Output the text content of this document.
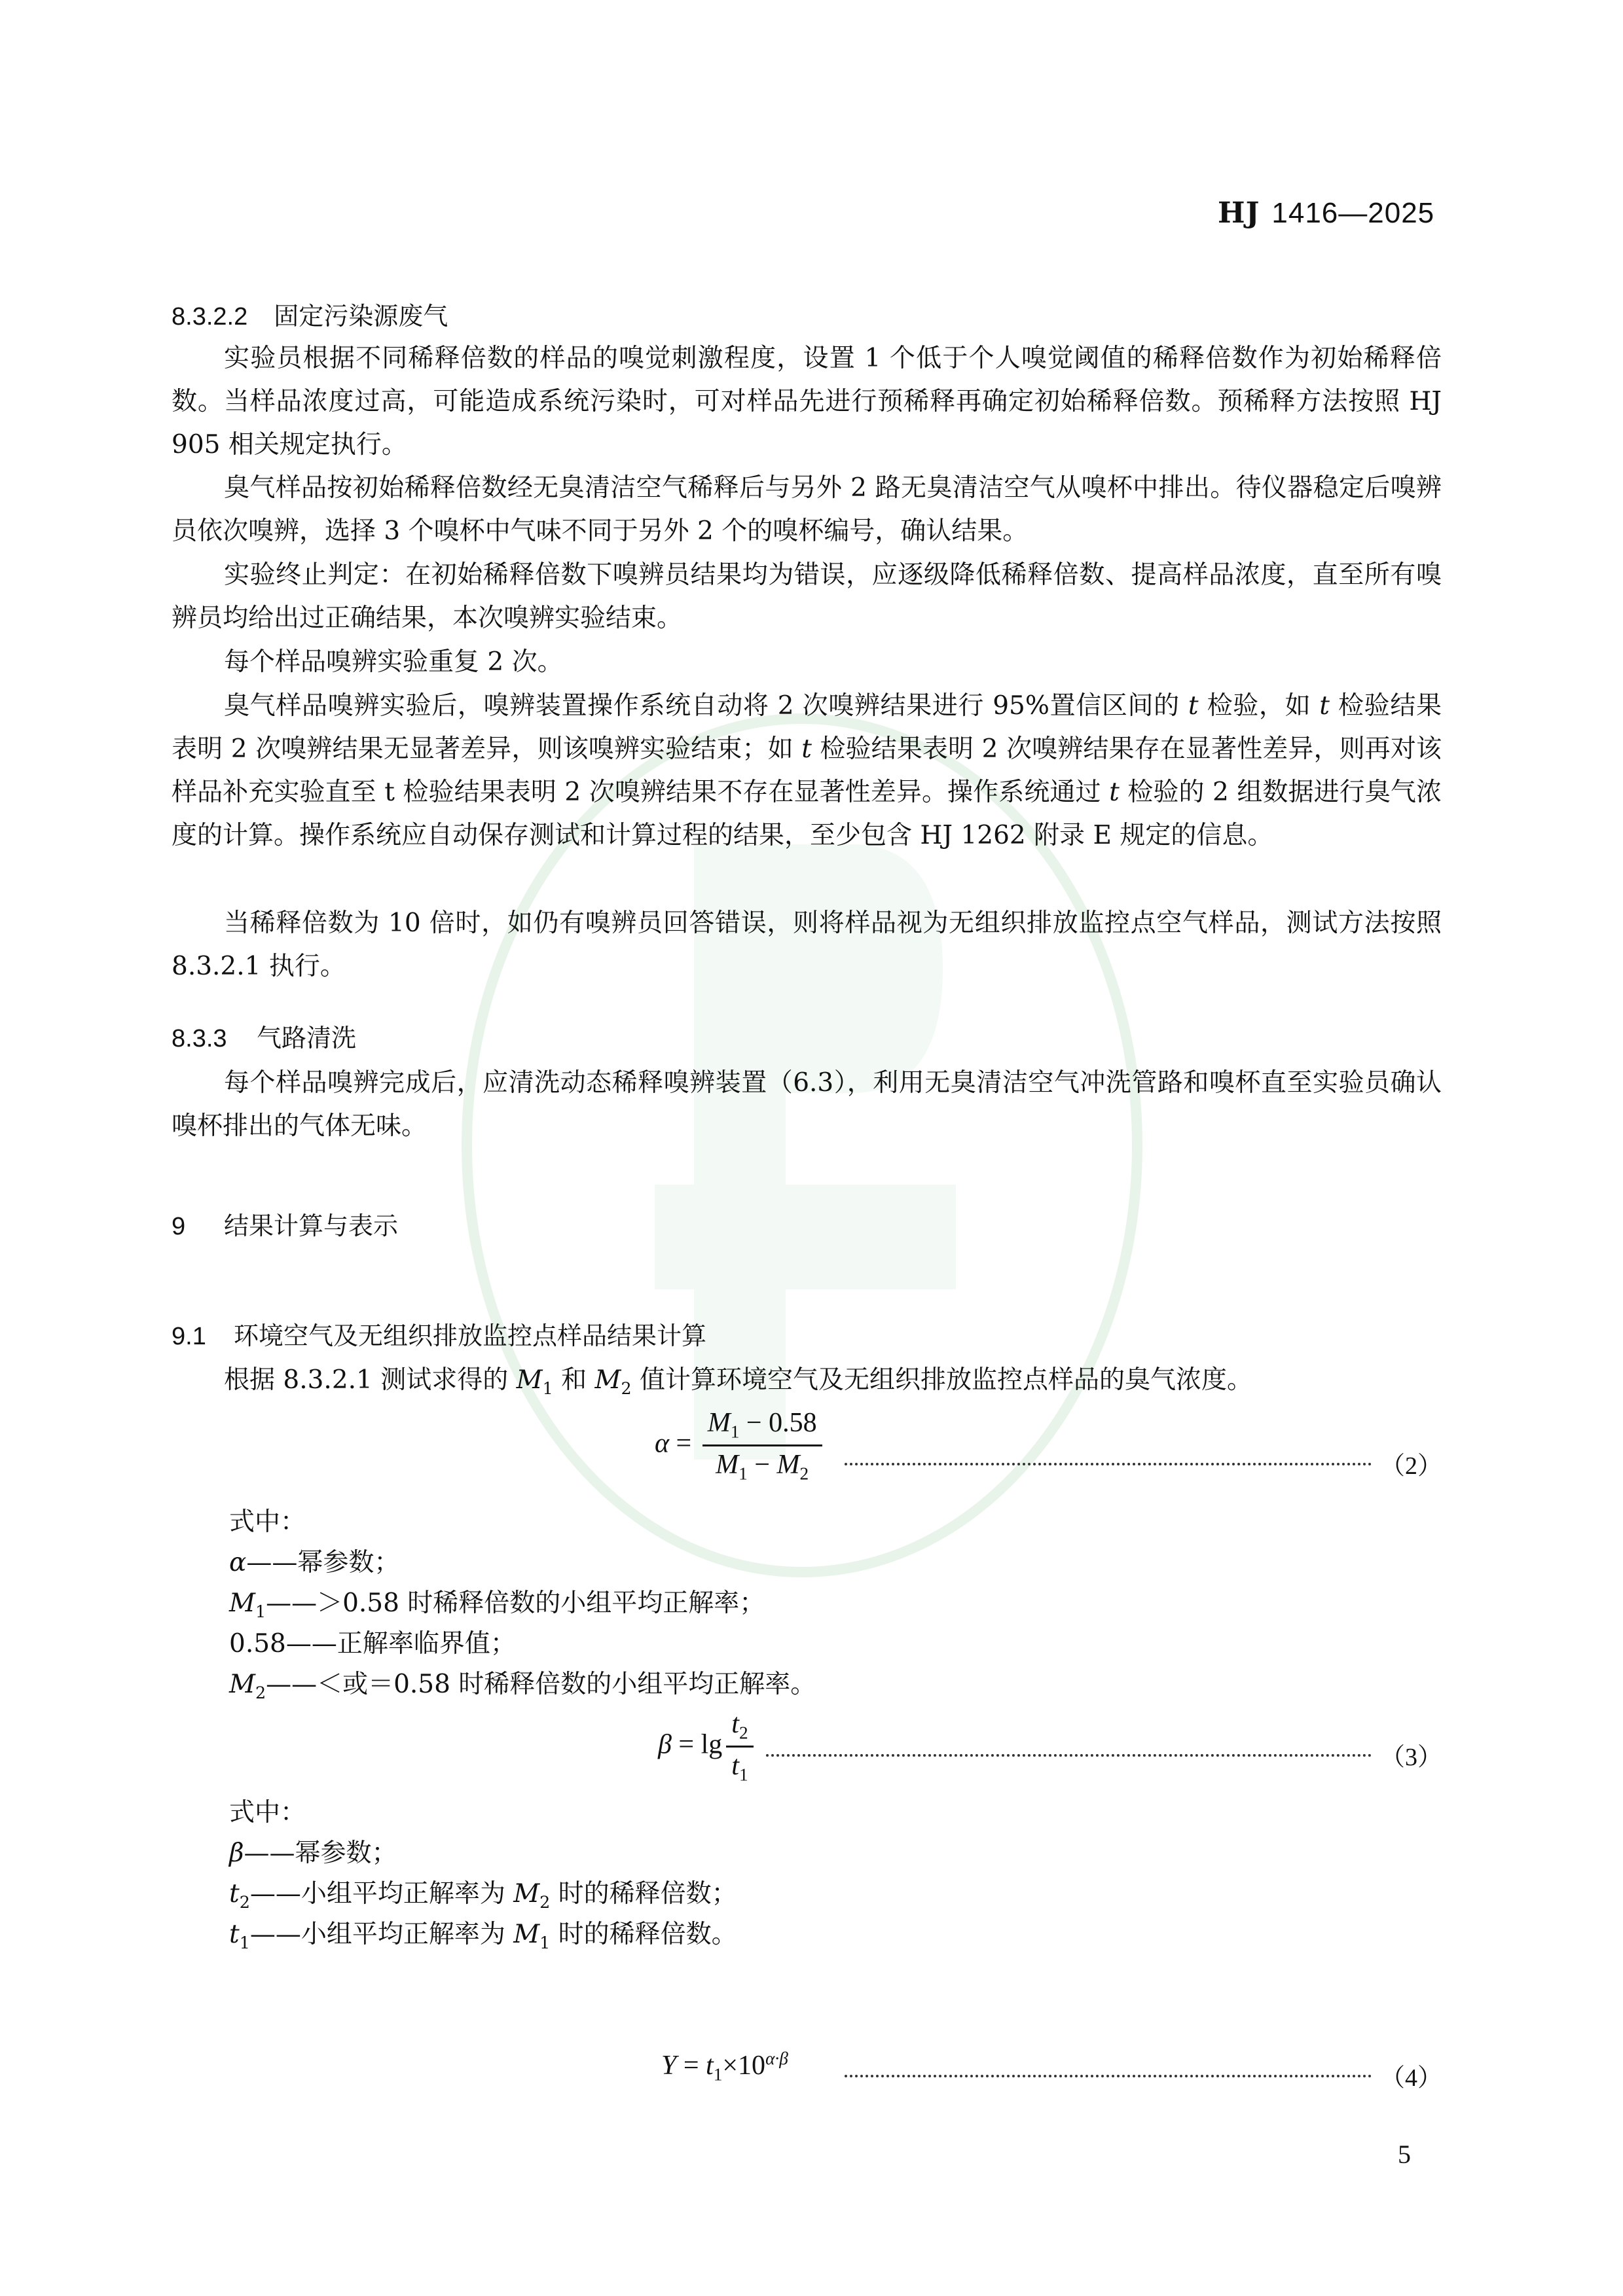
HJ 1416—2025
8.3.2.2 固定污染源废气
实验员根据不同稀释倍数的样品的嗅觉刺激程度，设置 1 个低于个人嗅觉阈值的稀释倍数作为初始稀释倍数。当样品浓度过高，可能造成系统污染时，可对样品先进行预稀释再确定初始稀释倍数。预稀释方法按照 HJ 905 相关规定执行。
臭气样品按初始稀释倍数经无臭清洁空气稀释后与另外 2 路无臭清洁空气从嗅杯中排出。待仪器稳定后嗅辨员依次嗅辨，选择 3 个嗅杯中气味不同于另外 2 个的嗅杯编号，确认结果。
实验终止判定：在初始稀释倍数下嗅辨员结果均为错误，应逐级降低稀释倍数、提高样品浓度，直至所有嗅辨员均给出过正确结果，本次嗅辨实验结束。
每个样品嗅辨实验重复 2 次。
臭气样品嗅辨实验后，嗅辨装置操作系统自动将 2 次嗅辨结果进行 95%置信区间的 t 检验，如 t 检验结果表明 2 次嗅辨结果无显著差异，则该嗅辨实验结束；如 t 检验结果表明 2 次嗅辨结果存在显著性差异，则再对该样品补充实验直至 t 检验结果表明 2 次嗅辨结果不存在显著性差异。操作系统通过 t 检验的 2 组数据进行臭气浓度的计算。操作系统应自动保存测试和计算过程的结果，至少包含 HJ 1262 附录 E 规定的信息。
当稀释倍数为 10 倍时，如仍有嗅辨员回答错误，则将样品视为无组织排放监控点空气样品，测试方法按照 8.3.2.1 执行。
8.3.3 气路清洗
每个样品嗅辨完成后，应清洗动态稀释嗅辨装置（6.3），利用无臭清洁空气冲洗管路和嗅杯直至实验员确认嗅杯排出的气体无味。
9 结果计算与表示
9.1 环境空气及无组织排放监控点样品结果计算
根据 8.3.2.1 测试求得的 $M_1$ 和 $M_2$ 值计算环境空气及无组织排放监控点样品的臭气浓度。
$\alpha = \frac{M_1 - 0.58}{M_1 - M_2}$	（2）
式中：
α——幂参数；
$M_1——>0.58$ 时稀释倍数的小组平均正解率；
0.58——正解率临界值；
$M_2——<$或＝0.58 时稀释倍数的小组平均正解率。
$\beta = \lg \frac{t_2}{t_1}$	（3）
式中：
β——幂参数；
$t_2——$小组平均正解率为 $M_2$ 时的稀释倍数；
$t_1——$小组平均正解率为 $M_1$ 时的稀释倍数。
$Y = t_1\times 10^{\alpha\cdot\beta}$
（4）
5
